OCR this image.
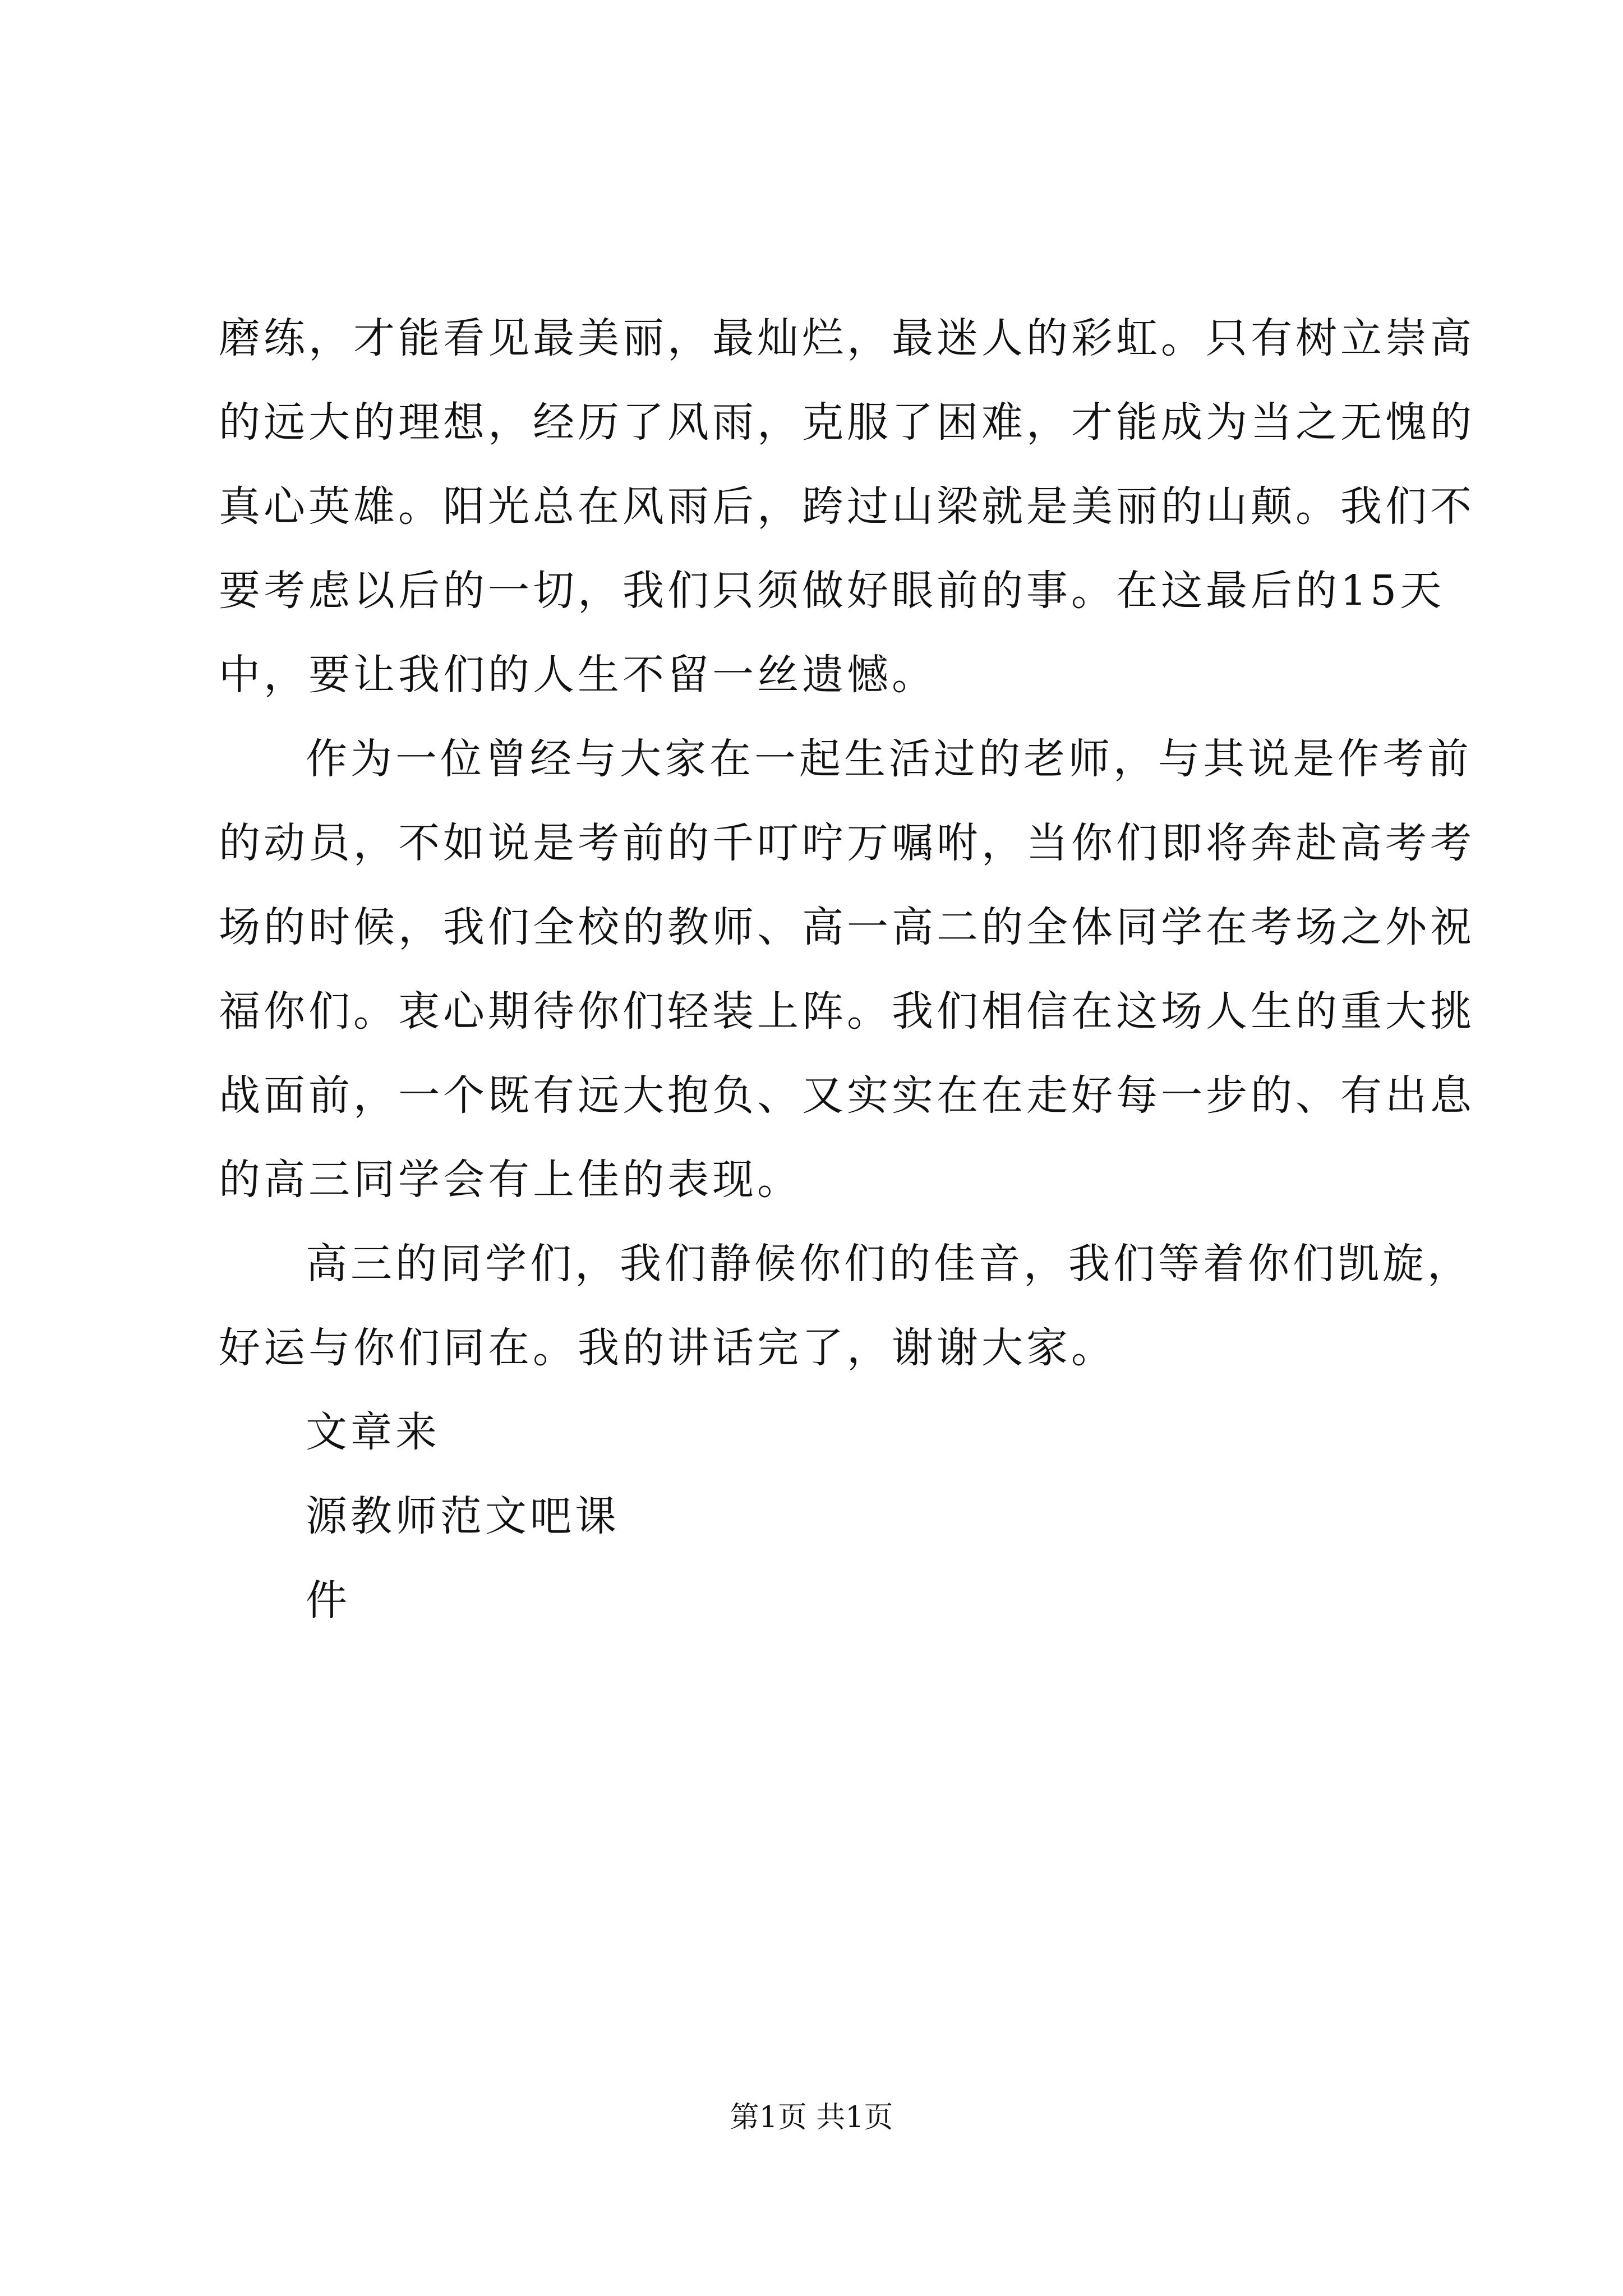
磨练，才能看见最美丽，最灿烂，最迷人的彩虹。只有树立崇高
的远大的理想，经历了风雨，克服了困难，才能成为当之无愧的
真心英雄。阳光总在风雨后，跨过山梁就是美丽的山颠。我们不
要考虑以后的一切，我们只须做好眼前的事。在这最后的15天
中，要让我们的人生不留一丝遗憾。
作为一位曾经与大家在一起生活过的老师，与其说是作考前
的动员，不如说是考前的千叮咛万嘱咐，当你们即将奔赴高考考
场的时候，我们全校的教师、高一高二的全体同学在考场之外祝
福你们。衷心期待你们轻装上阵。我们相信在这场人生的重大挑
战面前，一个既有远大抱负、又实实在在走好每一步的、有出息
的高三同学会有上佳的表现。
高三的同学们，我们静候你们的佳音，我们等着你们凯旋，
好运与你们同在。我的讲话完了，谢谢大家。
文章来
源教师范文吧课
件
第1页 共1页
